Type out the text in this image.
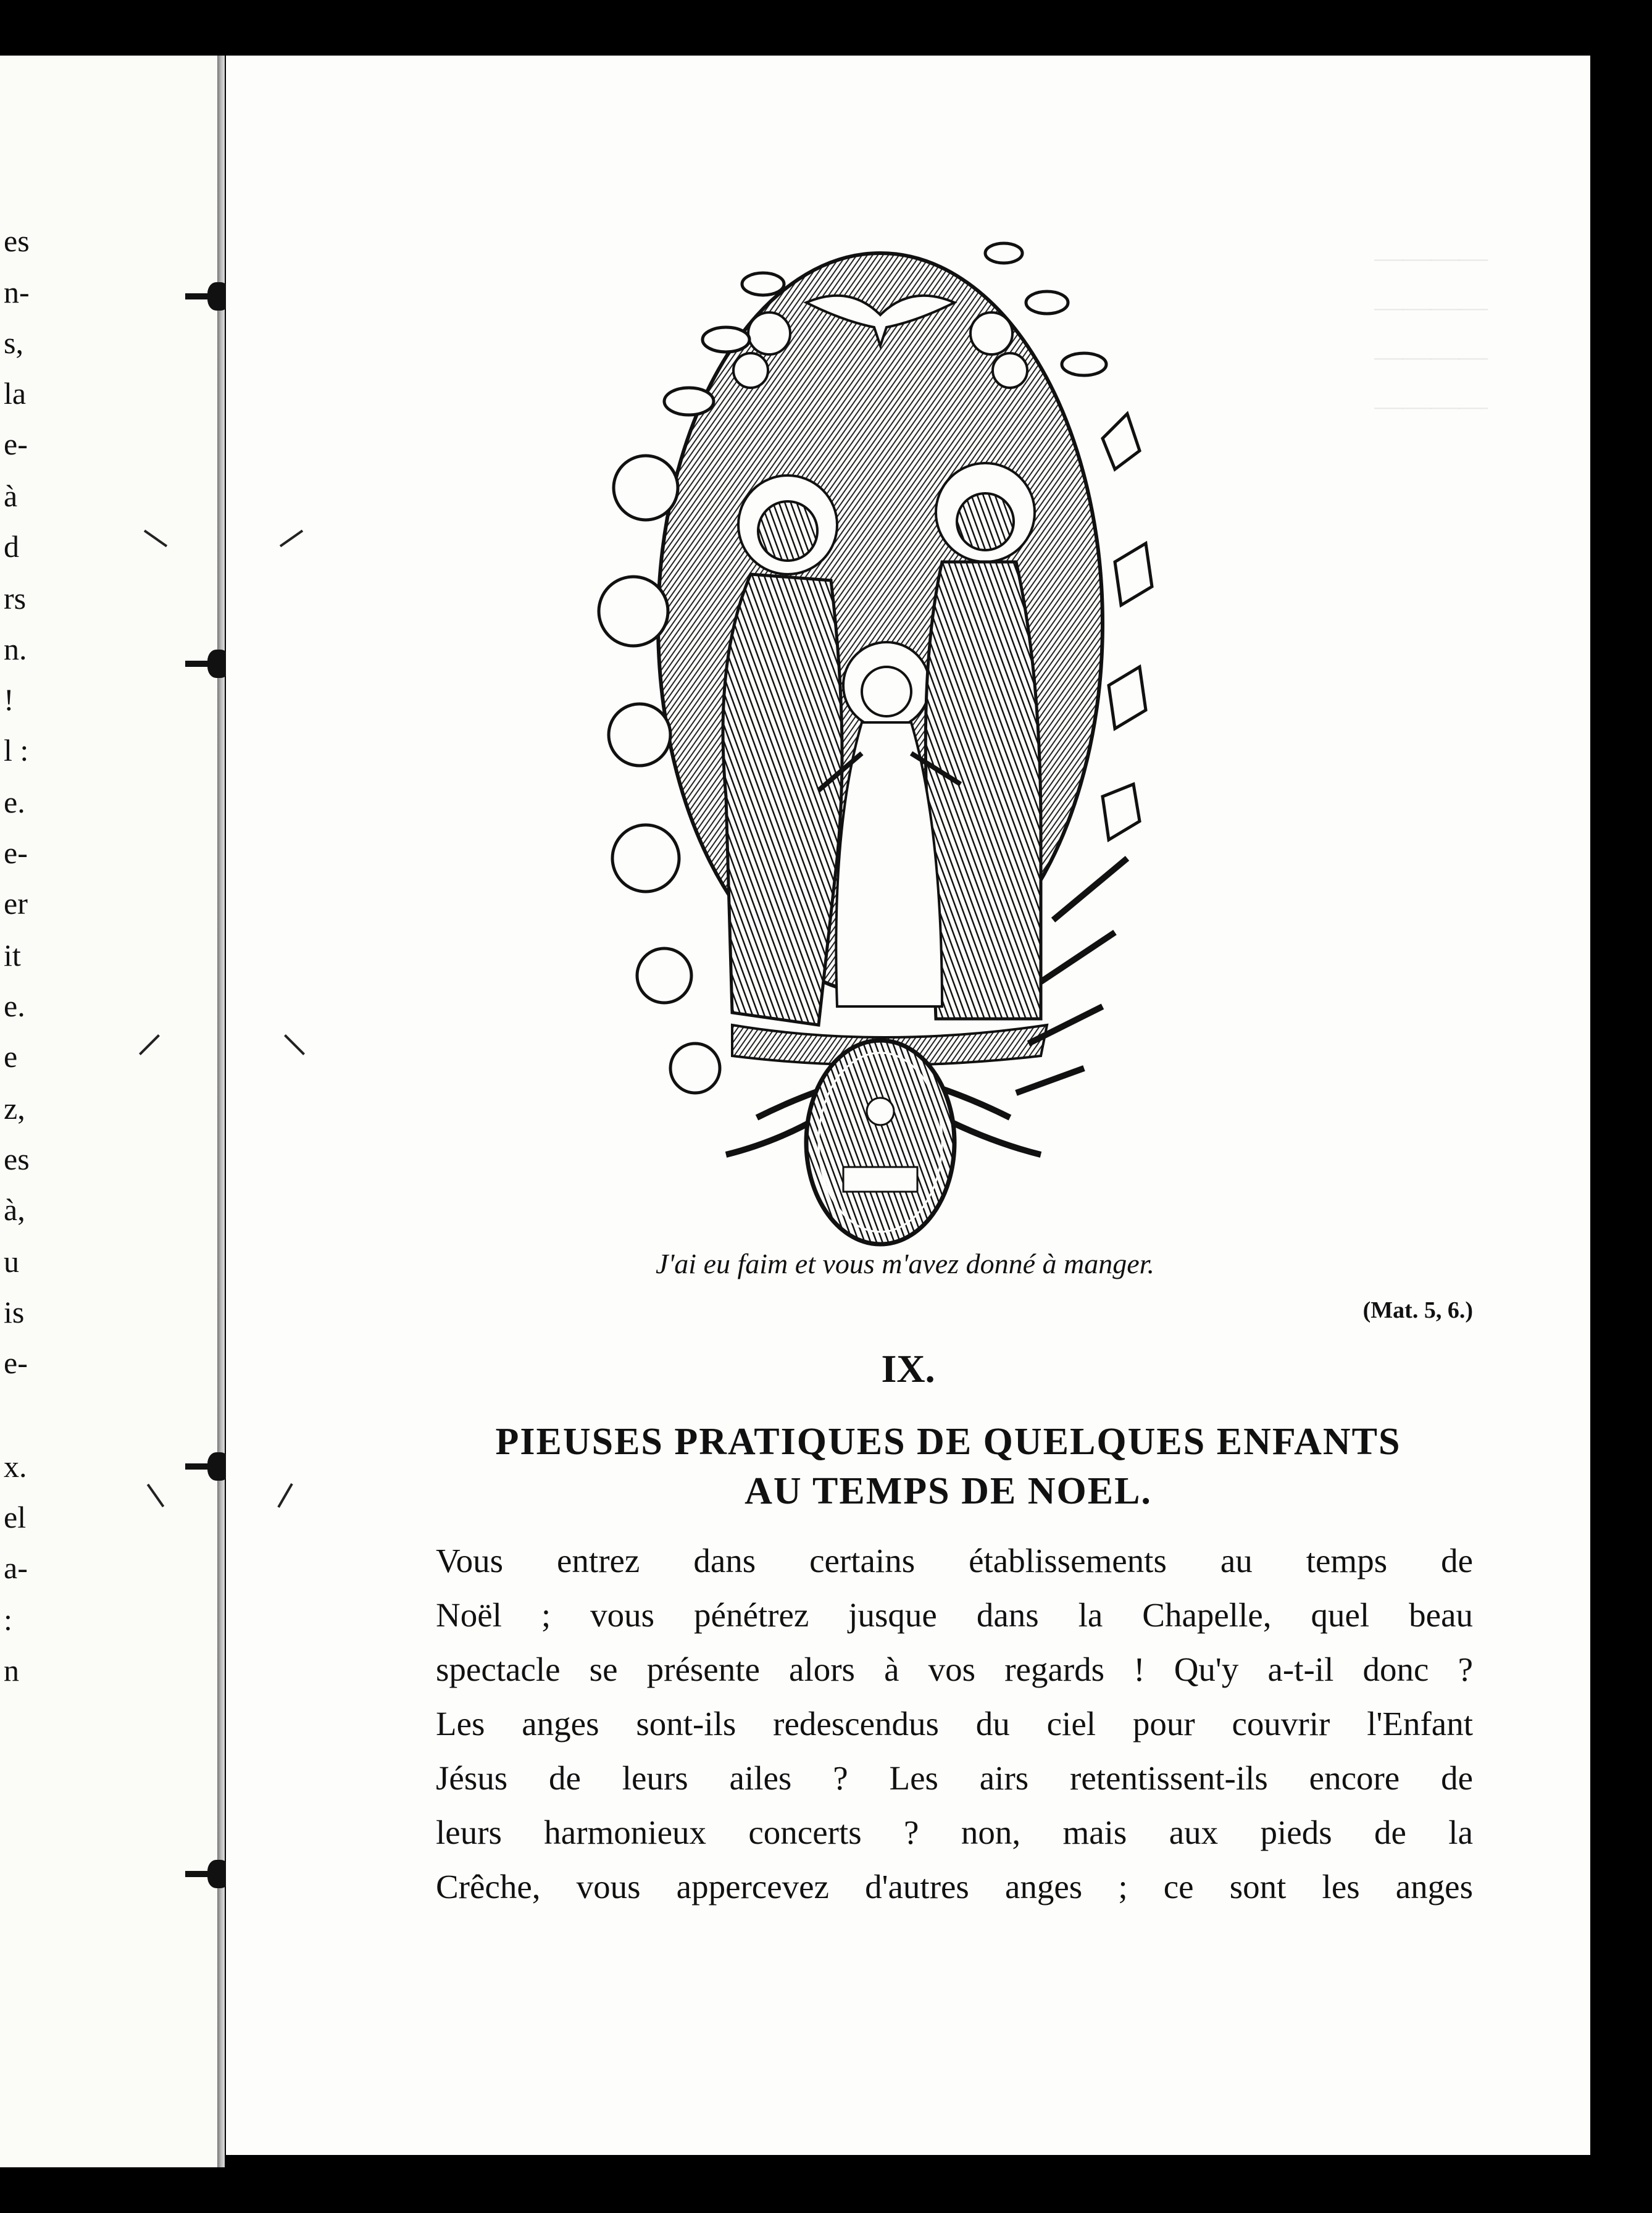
es
n-
s,
la
e-
à
d
rs
n.
!
l :
e.
e-
er
it
e.
e
z,
es
à,
u
is
e-
x.
el
a-
:
n
————
————
————
————
J'ai eu faim et vous m'avez donné à manger.
(Mat. 5, 6.)
IX.
PIEUSES PRATIQUES DE QUELQUES ENFANTS
AU TEMPS DE NOEL.
Vous entrez dans certains établissements au temps de
Noël ; vous pénétrez jusque dans la Chapelle, quel beau
spectacle se présente alors à vos regards ! Qu'y a-t-il donc ?
Les anges sont-ils redescendus du ciel pour couvrir l'Enfant
Jésus de leurs ailes ? Les airs retentissent-ils encore de
leurs harmonieux concerts ? non, mais aux pieds de la
Crêche, vous appercevez d'autres anges ; ce sont les anges
